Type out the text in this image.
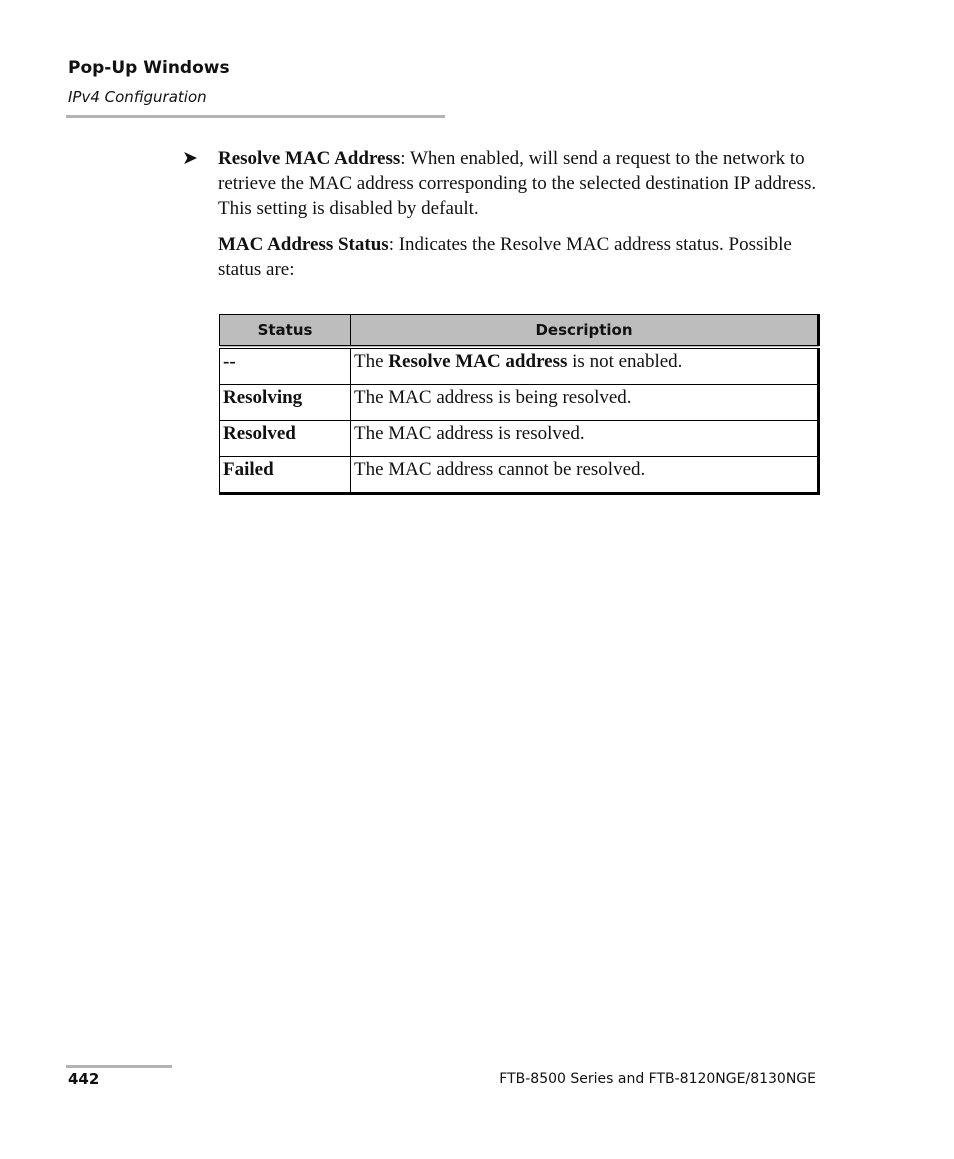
Pop-Up Windows
IPv4 Configuration
➤ Resolve MAC Address: When enabled, will send a request to the network to retrieve the MAC address corresponding to the selected destination IP address. This setting is disabled by default.
MAC Address Status: Indicates the Resolve MAC address status. Possible status are:
Status	Description
--	The Resolve MAC address is not enabled.
Resolving	The MAC address is being resolved.
Resolved	The MAC address is resolved.
Failed	The MAC address cannot be resolved.
442	FTB-8500 Series and FTB-8120NGE/8130NGE
